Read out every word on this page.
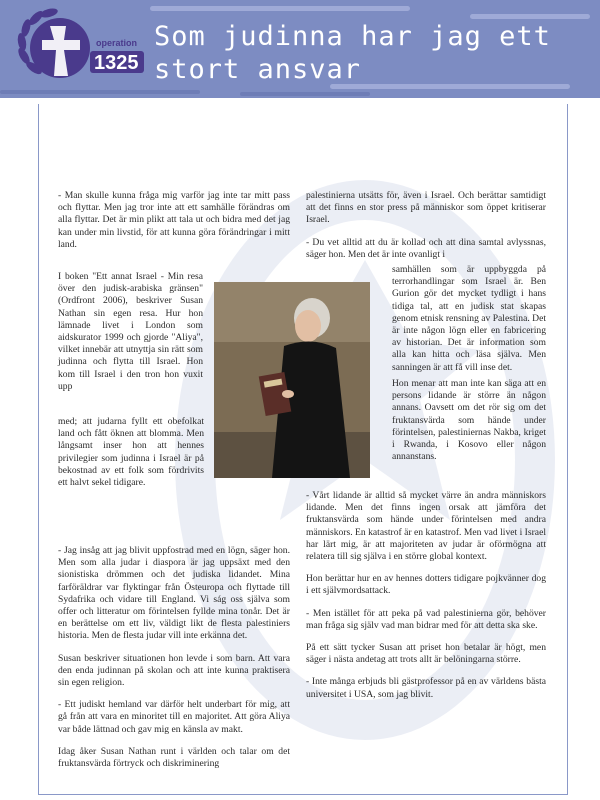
operation
1325
Som judinna har jag ett stort ansvar

- Man skulle kunna fråga mig varför jag inte tar mitt pass och flyttar. Men jag tror inte att ett samhälle förändras om alla flyttar. Det är min plikt att tala ut och bidra med det jag kan under min livstid, för att kunna göra förändringar i mitt land.

I boken "Ett annat Israel - Min resa över den judisk-arabiska gränsen" (Ordfront 2006), beskriver Susan Nathan sin egen resa. Hur hon lämnade livet i London som aidskurator 1999 och gjorde "Aliya", vilket innebär att utnyttja sin rätt som judinna och flytta till Israel. Hon kom till Israel i den tron hon vuxit upp
med; att judarna fyllt ett obefolkat land och fått öknen att blomma. Men långsamt inser hon att hennes privilegier som judinna i Israel är på bekostnad av ett folk som fördrivits ett halvt sekel tidigare.

- Jag insåg att jag blivit uppfostrad med en lögn, säger hon. Men som alla judar i diaspora är jag uppsäxt med den sionistiska drömmen och det judiska lidandet. Mina farföräldrar var flyktingar från Östeuropa och flyttade till Sydafrika och vidare till England. Vi ság oss själva som offer och litteratur om förintelsen fyllde mina tonår. Det är en berättelse om ett liv, väldigt likt de flesta palestiniers historia. Men de flesta judar vill inte erkänna det.

Susan beskriver situationen hon levde i som barn. Att vara den enda judinnan på skolan och att inte kunna praktisera sin egen religion.

- Ett judiskt hemland var därför helt underbart för mig, att gå från att vara en minoritet till en majoritet. Att göra Aliya var både lättnad och gav mig en känsla av makt.

Idag åker Susan Nathan runt i världen och talar om det fruktansvärda förtryck och diskriminering

palestinierna utsätts för, även i Israel. Och berättar samtidigt att det finns en stor press på människor som öppet kritiserar Israel.

- Du vet alltid att du är kollad och att dina samtal avlyssnas, säger hon. Men det är inte ovanligt i

samhällen som är uppbyggda på terrorhandlingar som Israel är. Ben Gurion gör det mycket tydligt i hans tidiga tal, att en judisk stat skapas genom etnisk rensning av Palestina. Det är inte någon lögn eller en fabricering av historian. Det är information som alla kan hitta och läsa själva. Men sanningen är att få vill inse det.
Hon menar att man inte kan säga att en persons lidande är större än någon annans. Oavsett om det rör sig om det fruktansvärda som hände under förintelsen, palestiniernas Nakba, kriget i Rwanda, i Kosovo eller någon annanstans.

- Vårt lidande är alltid så mycket värre än andra människors lidande. Men det finns ingen orsak att jämföra det fruktansvärda som hände under förintelsen med andra människors. En katastrof är en katastrof. Men vad livet i Israel har lärt mig, är att majoriteten av judar är oförmögna att relatera till sig själva i en större global kontext.

Hon berättar hur en av hennes dotters tidigare pojkvänner dog i ett självmordsattack.

- Men istället för att peka på vad palestinierna gör, behöver man fråga sig själv vad man bidrar med för att detta ska ske.

På ett sätt tycker Susan att priset hon betalar är högt, men säger i nästa andetag att trots allt är belöningarna större.

- Inte många erbjuds bli gästprofessor på en av världens bästa universitet i USA, som jag blivit.
